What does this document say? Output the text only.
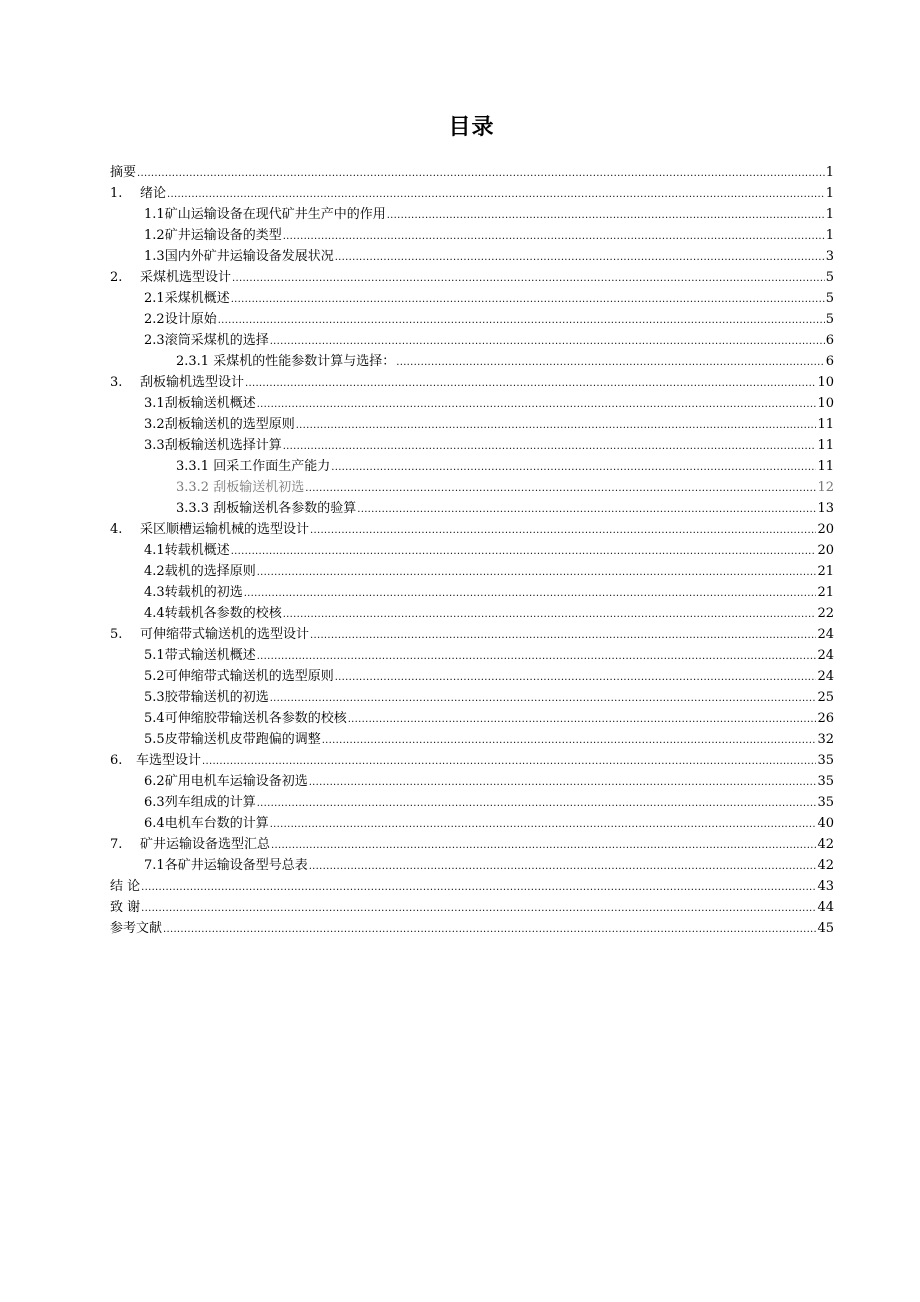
目录
摘要 .....	1
1. 绪论 .....	1
1.1矿山运输设备在现代矿井生产中的作用 .....	1
1.2矿井运输设备的类型 .....	1
1.3国内外矿井运输设备发展状况 .....	3
2. 采煤机选型设计 .....	5
2.1采煤机概述 .....	5
2.2设计原始 .....	5
2.3滚筒采煤机的选择 .....	6
2.3.1 采煤机的性能参数计算与选择： .....	6
3. 刮板输机选型设计 .....	10
3.1刮板输送机概述 .....	10
3.2刮板输送机的选型原则 .....	11
3.3刮板输送机选择计算 .....	11
3.3.1 回采工作面生产能力 .....	11
3.3.2 刮板输送机初选 .....	12
3.3.3 刮板输送机各参数的验算 .....	13
4. 采区顺槽运输机械的选型设计 .....	20
4.1转载机概述 .....	20
4.2载机的选择原则 .....	21
4.3转载机的初选 .....	21
4.4转载机各参数的校核 .....	22
5. 可伸缩带式输送机的选型设计 .....	24
5.1带式输送机概述 .....	24
5.2可伸缩带式输送机的选型原则 .....	24
5.3胶带输送机的初选 .....	25
5.4可伸缩胶带输送机各参数的校核 .....	26
5.5皮带输送机皮带跑偏的调整 .....	32
6. 车选型设计 .....	35
6.2矿用电机车运输设备初选 .....	35
6.3列车组成的计算 .....	35
6.4电机车台数的计算 .....	40
7. 矿井运输设备选型汇总 .....	42
7.1各矿井运输设备型号总表 .....	42
结 论 .....	43
致 谢 .....	44
参考文献 .....	45
